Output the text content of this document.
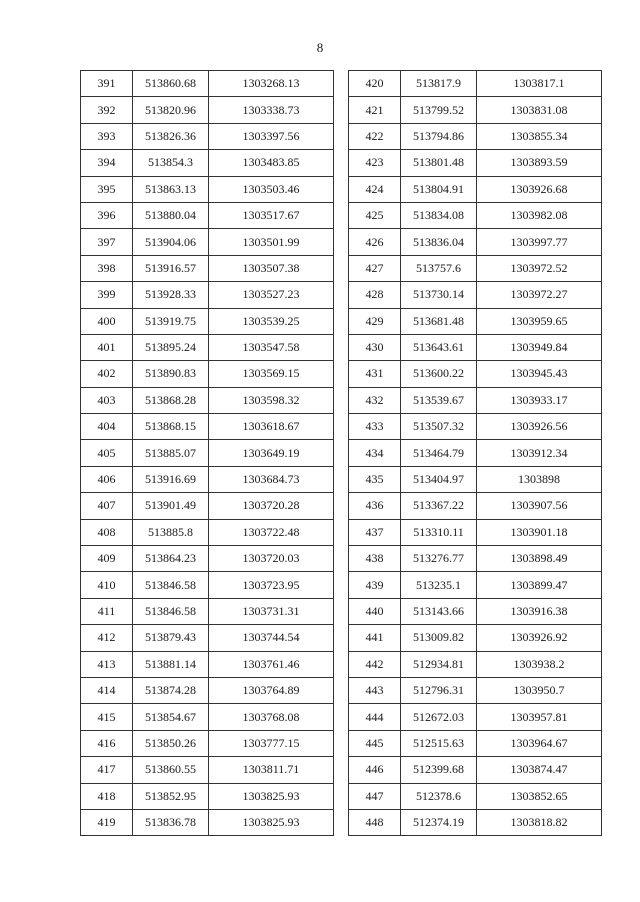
8
391	513860.68	1303268.13
392	513820.96	1303338.73
393	513826.36	1303397.56
394	513854.3	1303483.85
395	513863.13	1303503.46
396	513880.04	1303517.67
397	513904.06	1303501.99
398	513916.57	1303507.38
399	513928.33	1303527.23
400	513919.75	1303539.25
401	513895.24	1303547.58
402	513890.83	1303569.15
403	513868.28	1303598.32
404	513868.15	1303618.67
405	513885.07	1303649.19
406	513916.69	1303684.73
407	513901.49	1303720.28
408	513885.8	1303722.48
409	513864.23	1303720.03
410	513846.58	1303723.95
411	513846.58	1303731.31
412	513879.43	1303744.54
413	513881.14	1303761.46
414	513874.28	1303764.89
415	513854.67	1303768.08
416	513850.26	1303777.15
417	513860.55	1303811.71
418	513852.95	1303825.93
419	513836.78	1303825.93
420	513817.9	1303817.1
421	513799.52	1303831.08
422	513794.86	1303855.34
423	513801.48	1303893.59
424	513804.91	1303926.68
425	513834.08	1303982.08
426	513836.04	1303997.77
427	513757.6	1303972.52
428	513730.14	1303972.27
429	513681.48	1303959.65
430	513643.61	1303949.84
431	513600.22	1303945.43
432	513539.67	1303933.17
433	513507.32	1303926.56
434	513464.79	1303912.34
435	513404.97	1303898
436	513367.22	1303907.56
437	513310.11	1303901.18
438	513276.77	1303898.49
439	513235.1	1303899.47
440	513143.66	1303916.38
441	513009.82	1303926.92
442	512934.81	1303938.2
443	512796.31	1303950.7
444	512672.03	1303957.81
445	512515.63	1303964.67
446	512399.68	1303874.47
447	512378.6	1303852.65
448	512374.19	1303818.82
